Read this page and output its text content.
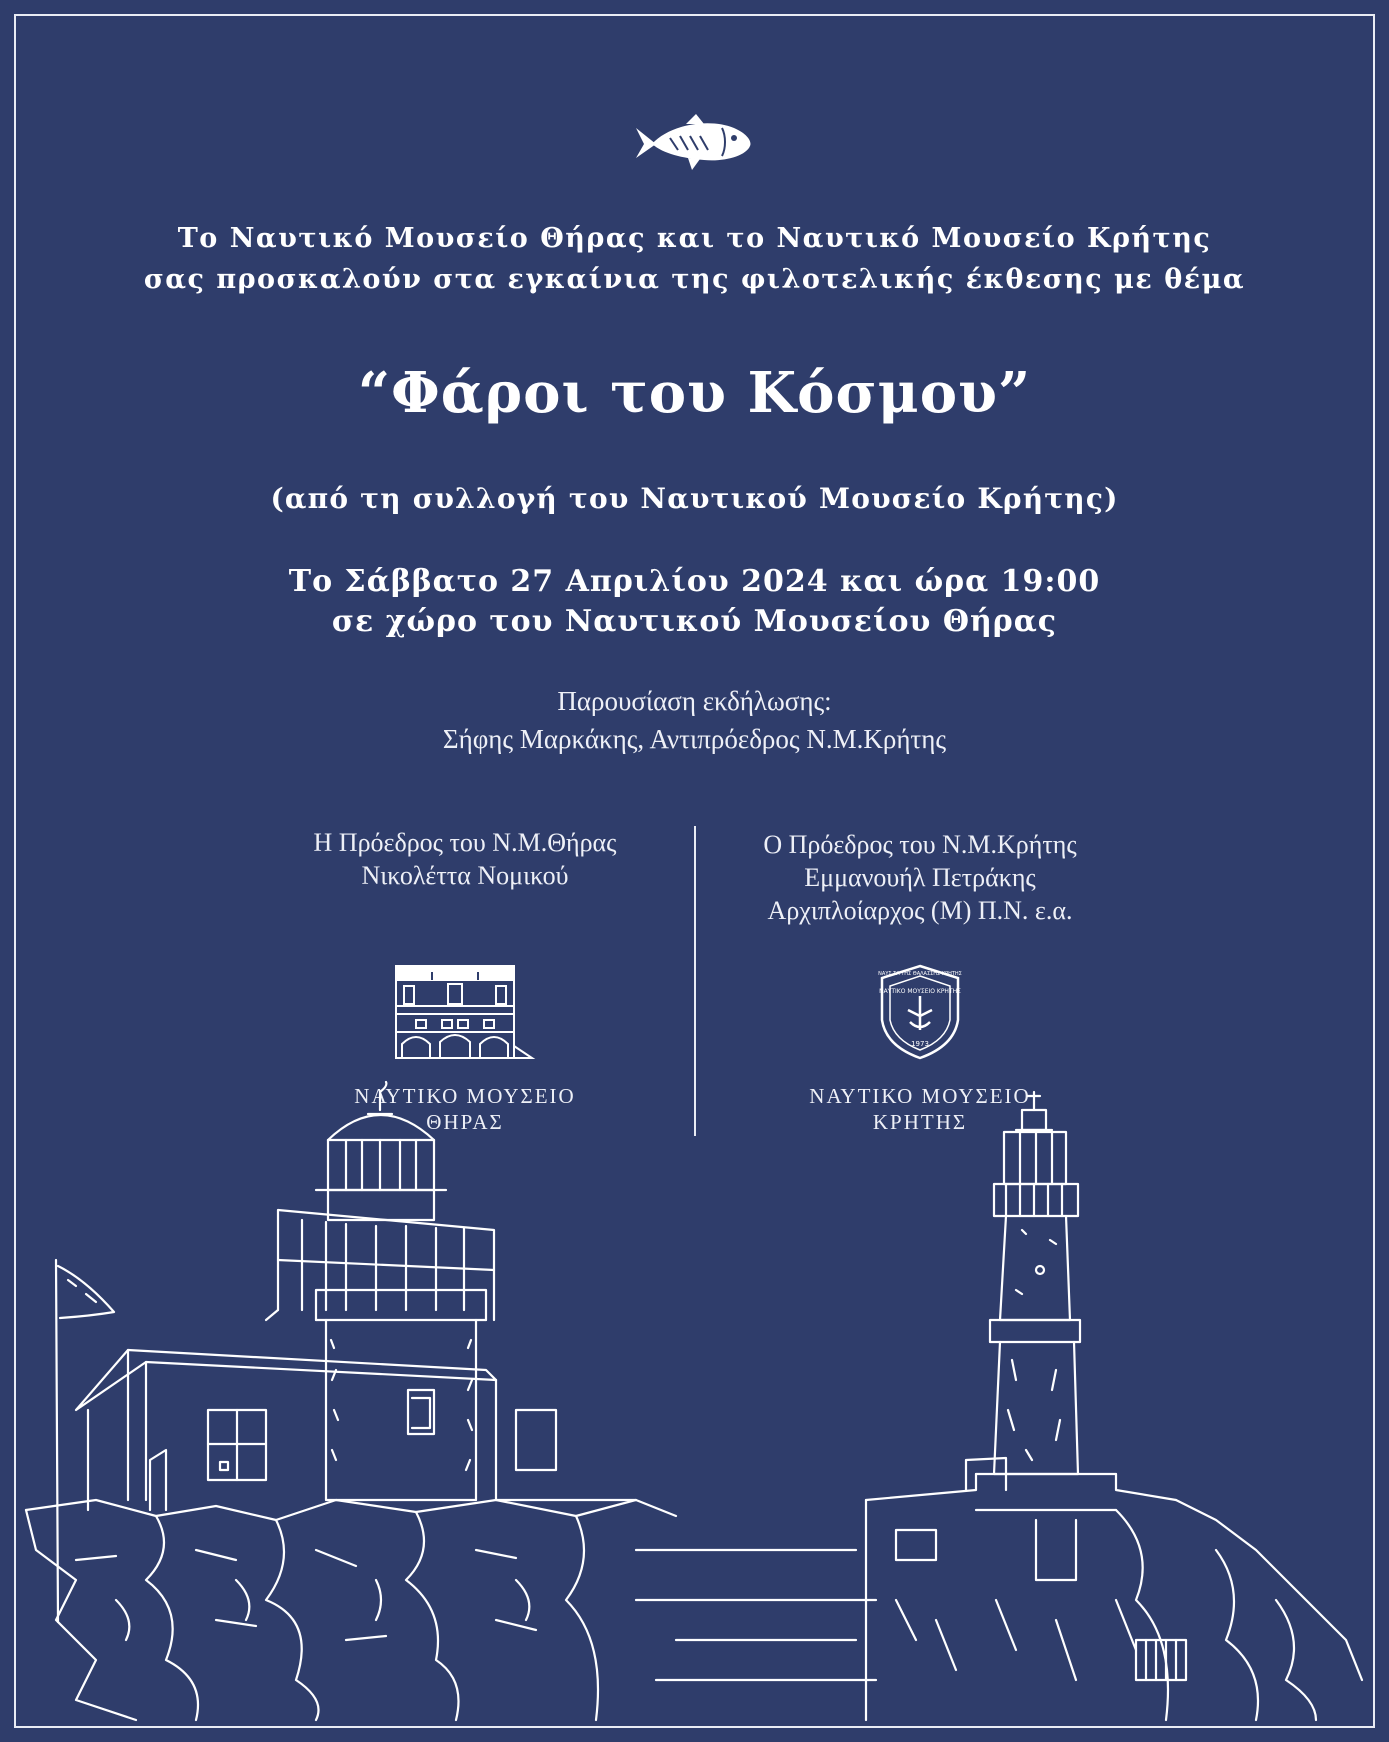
Το Ναυτικό Μουσείο Θήρας και το Ναυτικό Μουσείο Κρήτης
σας προσκαλούν στα εγκαίνια της φιλοτελικής έκθεσης με θέμα
“Φάροι του Κόσμου”
(από τη συλλογή του Ναυτικού Μουσείο Κρήτης)
Το Σάββατο 27 Απριλίου 2024 και ώρα 19:00
σε χώρο του Ναυτικού Μουσείου Θήρας
Παρουσίαση εκδήλωσης:
Σήφης Μαρκάκης, Αντιπρόεδρος Ν.Μ.Κρήτης
Η Πρόεδρος του Ν.Μ.Θήρας
Νικολέττα Νομικού
Ο Πρόεδρος του Ν.Μ.Κρήτης
Εμμανουήλ Πετράκης
Αρχιπλοίαρχος (Μ) Π.Ν. ε.α.
ΝΑΥΣ ΤΑ ΤΗΣ ΘΑΛΑΣΣΗΣ ΚΡΗΤΗΣ
ΝΑΥΤΙΚΟ ΜΟΥΣΕΙΟ ΚΡΗΤΗΣ
1973
ΝΑΥΤΙΚΟ ΜΟΥΣΕΙΟ
ΘΗΡΑΣ
ΝΑΥΤΙΚΟ ΜΟΥΣΕΙΟ
ΚΡΗΤΗΣ
